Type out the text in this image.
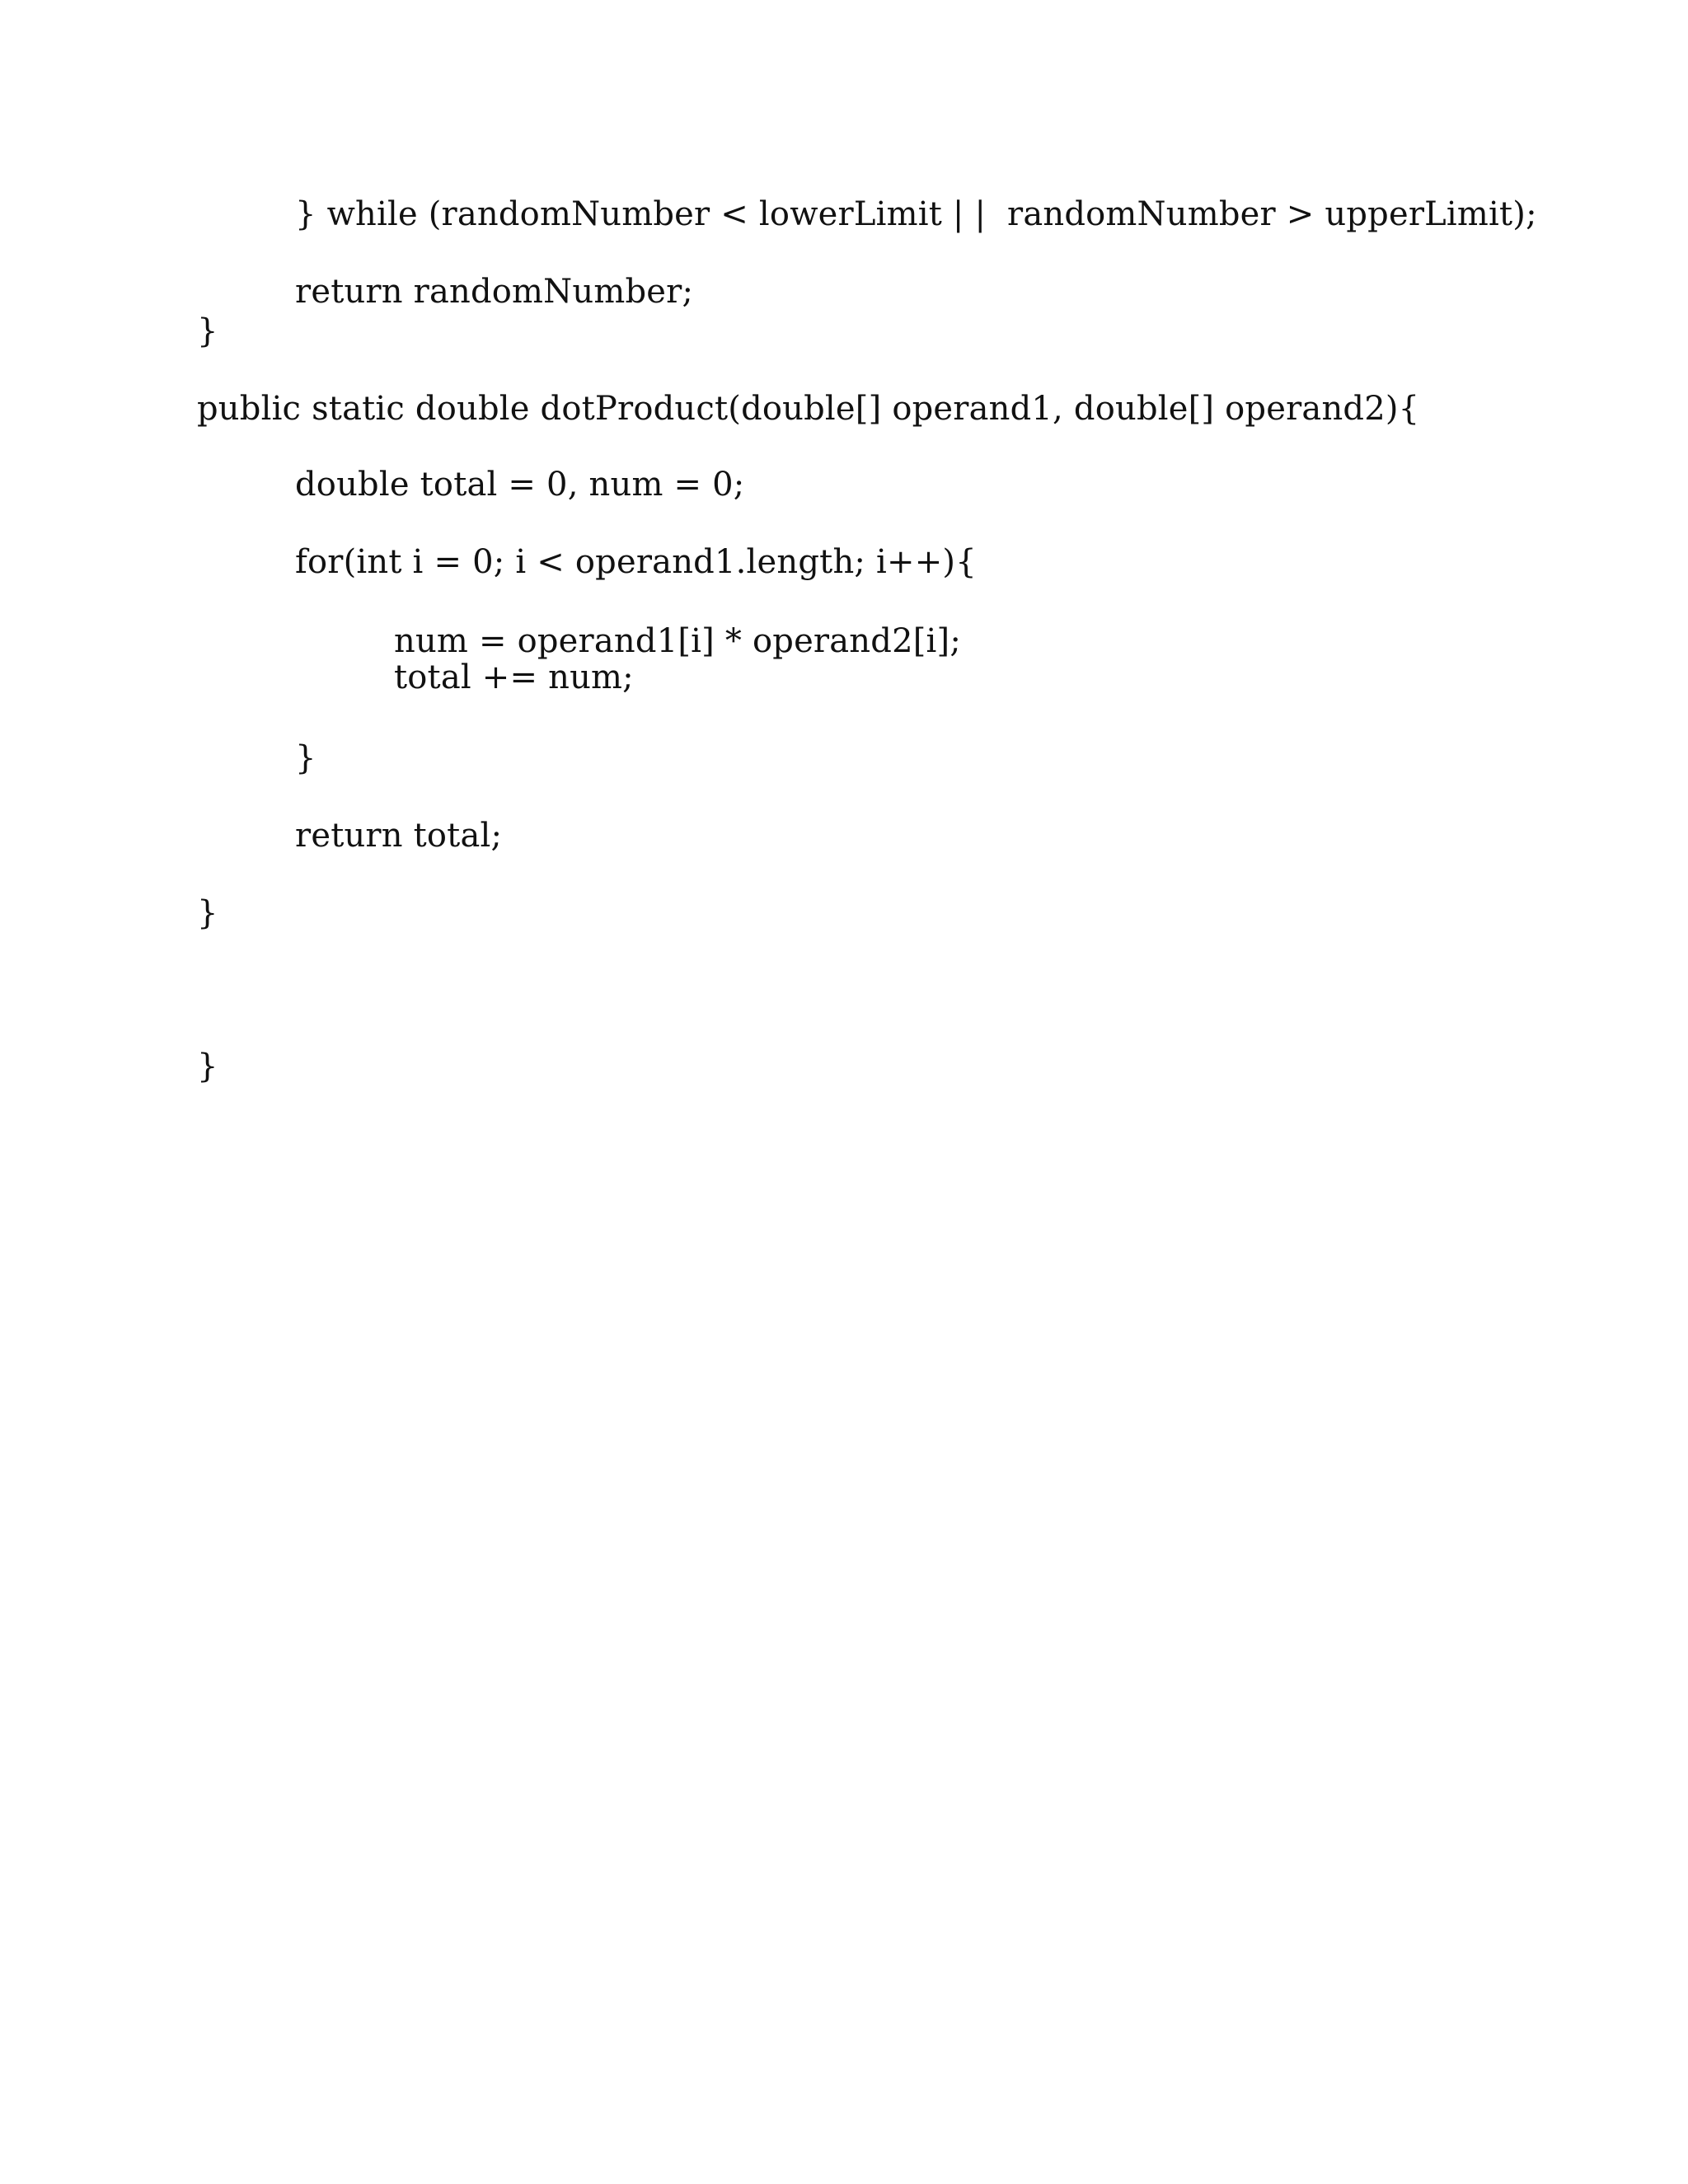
} while (randomNumber < lowerLimit | |  randomNumber > upperLimit);
return randomNumber;
}
public static double dotProduct(double[] operand1, double[] operand2){
double total = 0, num = 0;
for(int i = 0; i < operand1.length; i++){
num = operand1[i] * operand2[i];
total += num;
}
return total;
}
}
